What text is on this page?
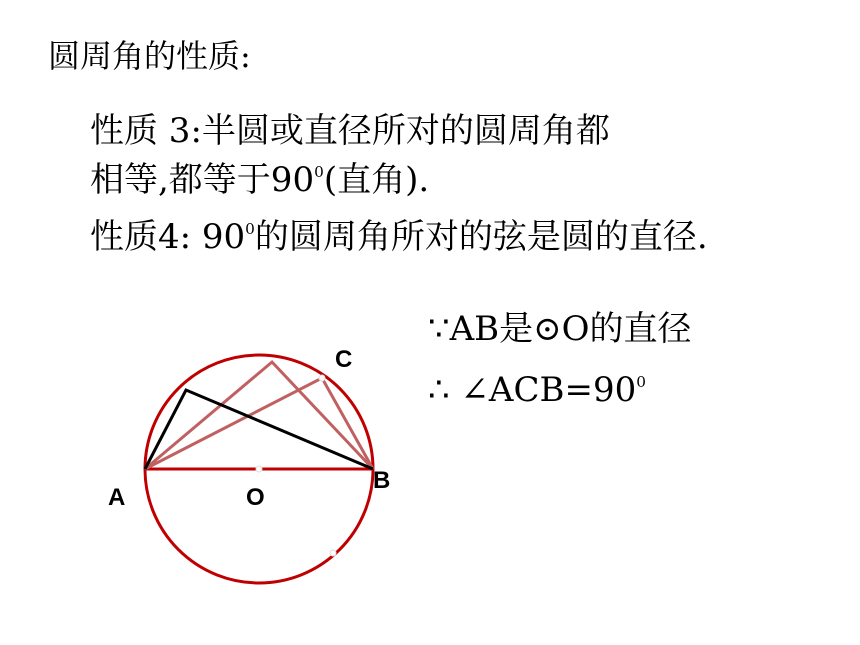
圆周角的性质:
性质 3:半圆或直径所对的圆周角都
相等,都等于$90^0$(直角).
性质4: $90^0$的圆周角所对的弦是圆的直径.
∵AB是⊙O的直径
∴ $\angle ACB=90^0$
A	O
B
C
